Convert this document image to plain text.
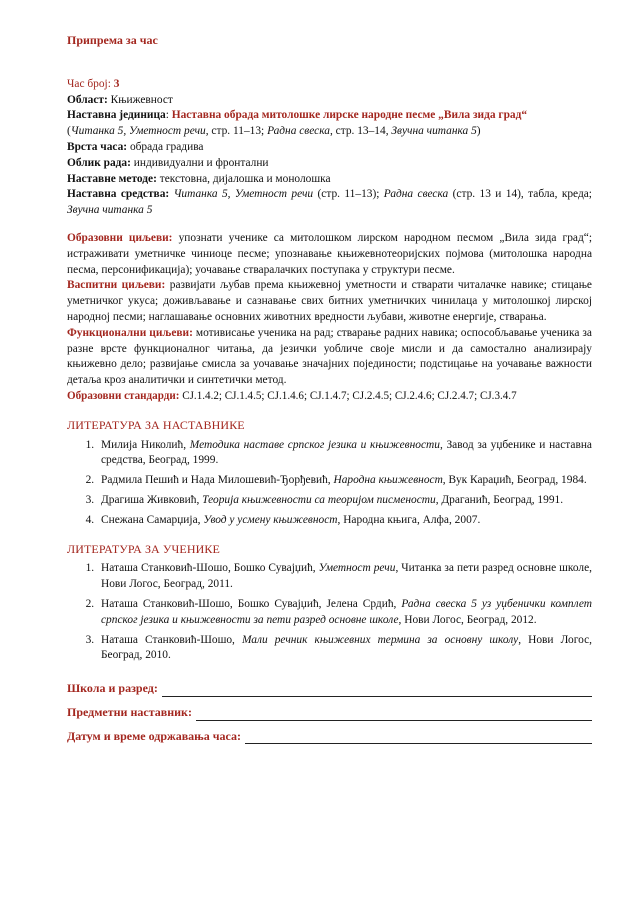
Припрема за час

Час број: 3

Област: Књижевност

Наставна јединица: Наставна обрада митолошке лирске народне песме „Вила зида град“

(Читанка 5, Уметност речи, стр. 11–13; Радна свеска, стр. 13–14, Звучна читанка 5)

Врста часа: обрада градива

Облик рада: индивидуални и фронтални

Наставне методе: текстовна, дијалошка и монолошка

Наставна средства: Читанка 5, Уметност речи (стр. 11–13); Радна свеска (стр. 13 и 14), табла, креда; Звучна читанка 5

Образовни циљеви: упознати ученике са митолошком лирском народном песмом „Вила зида град“; истраживати уметничке чиниоце песме; упознавање књижевнотеоријских појмова (митолошка народна песма, персонификација); уочавање стваралачких поступака у структури песме.

Васпитни циљеви: развијати љубав према књижевној уметности и стварати читалачке навике; стицање уметничког укуса; доживљавање и сазнавање свих битних уметничких чинилаца у митолошкој лирској народној песми; наглашавање основних животних вредности љубави, животне енергије, стварања.

Функционални циљеви: мотивисање ученика на рад; стварање радних навика; оспособљавање ученика за разне врсте функционалног читања, да језички уобличе своје мисли и да самостално анализирају књижевно дело; развијање смисла за уочавање значајних појединости; подстицање на уочавање важности детаља кроз аналитички и синтетички метод.

Образовни стандарди: СЈ.1.4.2; СЈ.1.4.5; СЈ.1.4.6; СЈ.1.4.7; СЈ.2.4.5; СЈ.2.4.6; СЈ.2.4.7; СЈ.3.4.7

ЛИТЕРАТУРА ЗА НАСТАВНИКЕ
1. Милија Николић, Методика наставе српског језика и књижевности, Завод за уџбенике и наставна средства, Београд, 1999.
2. Радмила Пешић и Нада Милошевић-Ђорђевић, Народна књижевност, Вук Караџић, Београд, 1984.
3. Драгиша Живковић, Теорија књижевности са теоријом писмености, Драганић, Београд, 1991.
4. Снежана Самарџија, Увод у усмену књижевност, Народна књига, Алфа, 2007.
ЛИТЕРАТУРА ЗА УЧЕНИКЕ
1. Наташа Станковић-Шошо, Бошко Сувајџић, Уметност речи, Читанка за пети разред основне школе, Нови Логос, Београд, 2011.
2. Наташа Станковић-Шошо, Бошко Сувајџић, Јелена Срдић, Радна свеска 5 уз уџбенички комплет српског језика и књижевности за пети разред основне школе, Нови Логос, Београд, 2012.
3. Наташа Станковић-Шошо, Мали речник књижевних термина за основну школу, Нови Логос, Београд, 2010.
Школа и разред:
Предметни наставник:
Датум и време одржавања часа:
